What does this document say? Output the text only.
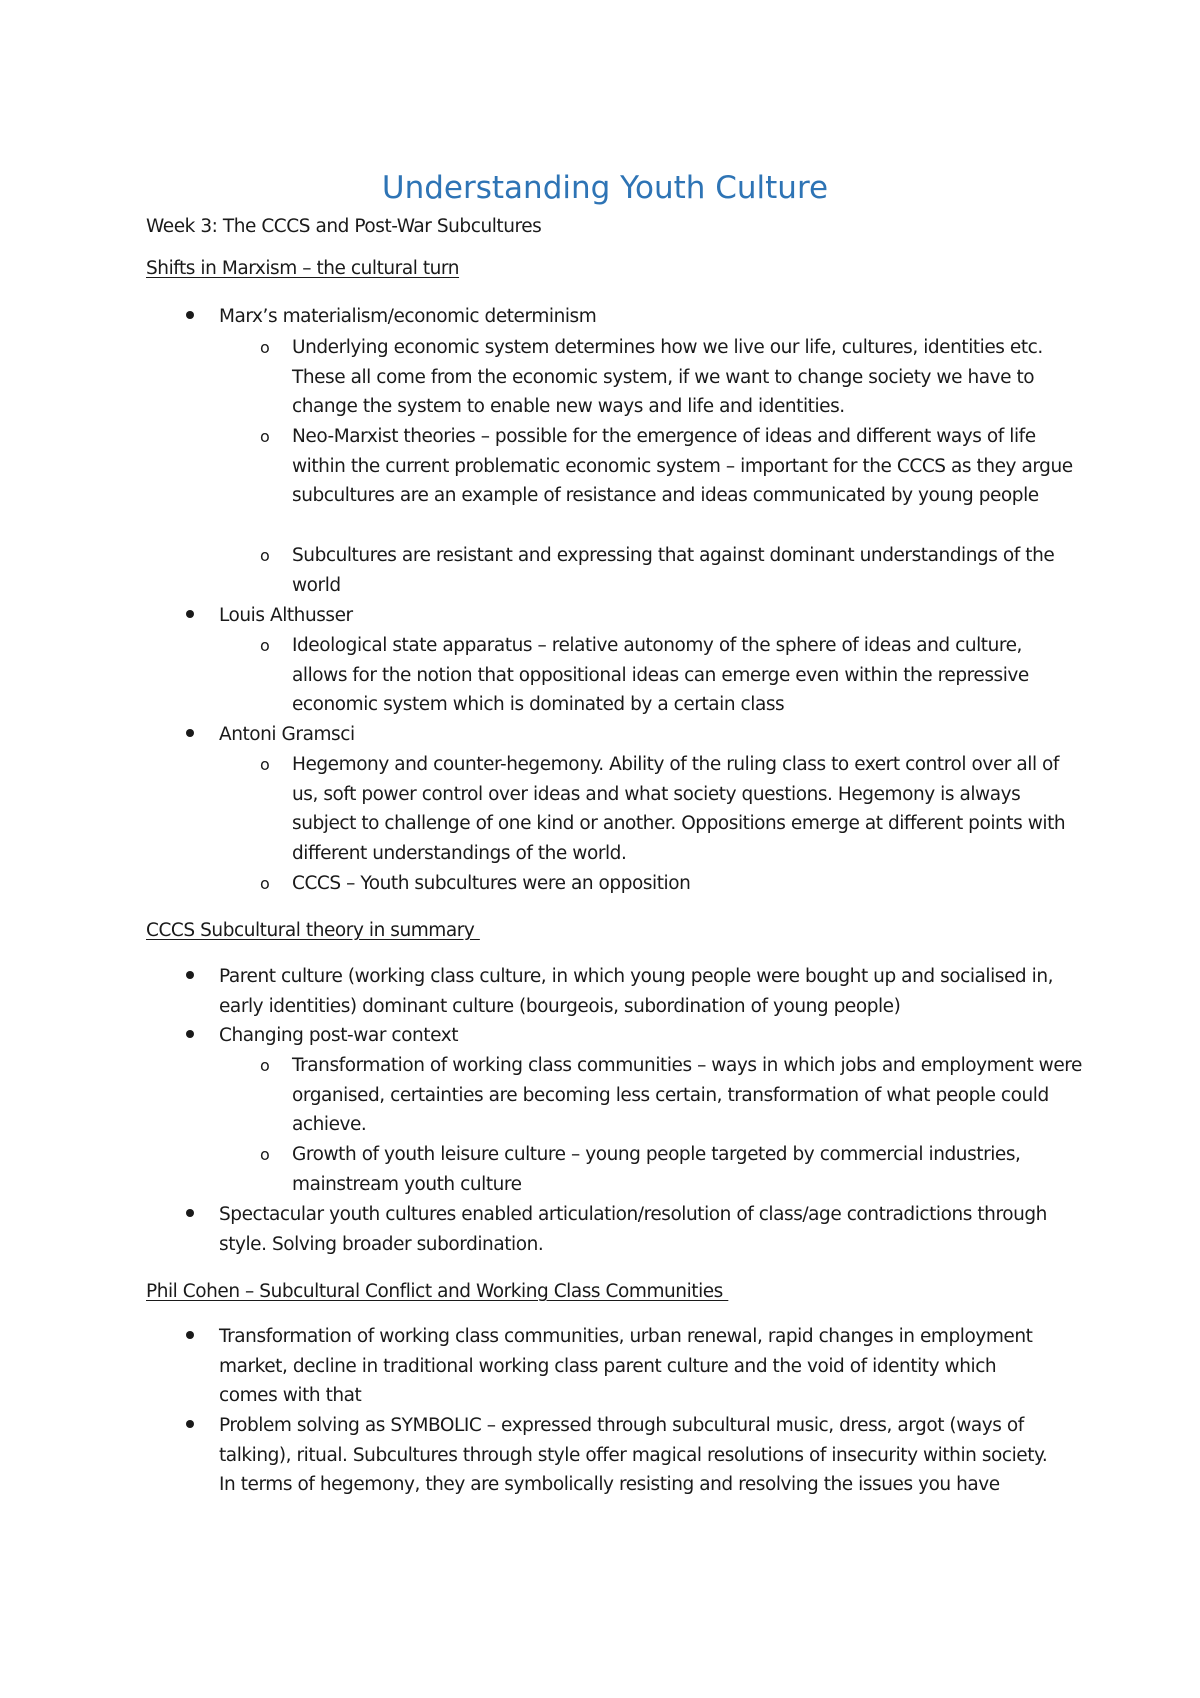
Understanding Youth Culture
Week 3: The CCCS and Post-War Subcultures
Shifts in Marxism – the cultural turn

Marx’s materialism/economic determinism

o Underlying economic system determines how we live our life, cultures, identities etc. These all come from the economic system, if we want to change society we have to change the system to enable new ways and life and identities.

o Neo-Marxist theories – possible for the emergence of ideas and different ways of life within the current problematic economic system – important for the CCCS as they argue subcultures are an example of resistance and ideas communicated by young people

o Subcultures are resistant and expressing that against dominant understandings of the world

Louis Althusser

o Ideological state apparatus – relative autonomy of the sphere of ideas and culture, allows for the notion that oppositional ideas can emerge even within the repressive economic system which is dominated by a certain class

Antoni Gramsci

o Hegemony and counter-hegemony. Ability of the ruling class to exert control over all of us, soft power control over ideas and what society questions. Hegemony is always subject to challenge of one kind or another. Oppositions emerge at different points with different understandings of the world.

o CCCS – Youth subcultures were an opposition

CCCS Subcultural theory in summary

Parent culture (working class culture, in which young people were bought up and socialised in, early identities) dominant culture (bourgeois, subordination of young people)

Changing post-war context

o Transformation of working class communities – ways in which jobs and employment were organised, certainties are becoming less certain, transformation of what people could achieve.

o Growth of youth leisure culture – young people targeted by commercial industries, mainstream youth culture

Spectacular youth cultures enabled articulation/resolution of class/age contradictions through style. Solving broader subordination.

Phil Cohen – Subcultural Conflict and Working Class Communities

Transformation of working class communities, urban renewal, rapid changes in employment market, decline in traditional working class parent culture and the void of identity which comes with that

Problem solving as SYMBOLIC – expressed through subcultural music, dress, argot (ways of talking), ritual. Subcultures through style offer magical resolutions of insecurity within society. In terms of hegemony, they are symbolically resisting and resolving the issues you have
